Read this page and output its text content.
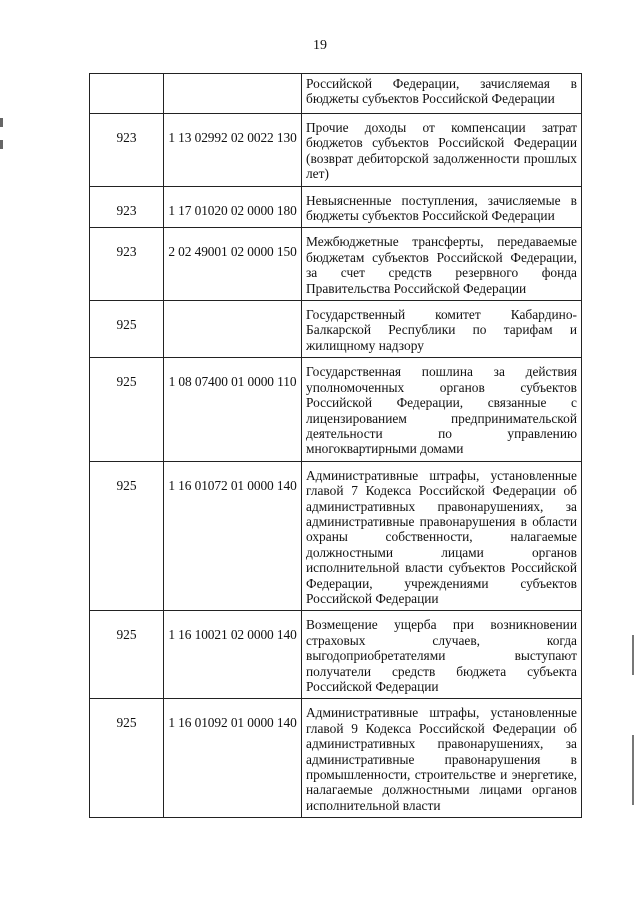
19

		Российской Федерации, зачисляемая в бюджеты субъектов Российской Федерации

923	1 13 02992 02 0022 130	Прочие доходы от компенсации затрат бюджетов субъектов Российской Федерации (возврат дебиторской задолженности прошлых лет)

923	1 17 01020 02 0000 180	Невыясненные поступления, зачисляемые в бюджеты субъектов Российской Федерации

923	2 02 49001 02 0000 150	Межбюджетные трансферты, передаваемые бюджетам субъектов Российской Федерации, за счет средств резервного фонда Правительства Российской Федерации

925		Государственный комитет Кабардино-Балкарской Республики по тарифам и жилищному надзору

925	1 08 07400 01 0000 110	Государственная пошлина за действия уполномоченных органов субъектов Российской Федерации, связанные с лицензированием предпринимательской деятельности по управлению многоквартирными домами

925	1 16 01072 01 0000 140	Административные штрафы, установленные главой 7 Кодекса Российской Федерации об административных правонарушениях, за административные правонарушения в области охраны собственности, налагаемые должностными лицами органов исполнительной власти субъектов Российской Федерации, учреждениями субъектов Российской Федерации

925	1 16 10021 02 0000 140	Возмещение ущерба при возникновении страховых случаев, когда выгодоприобретателями выступают получатели средств бюджета субъекта Российской Федерации

925	1 16 01092 01 0000 140	Административные штрафы, установленные главой 9 Кодекса Российской Федерации об административных правонарушениях, за административные правонарушения в промышленности, строительстве и энергетике, налагаемые должностными лицами органов исполнительной власти
